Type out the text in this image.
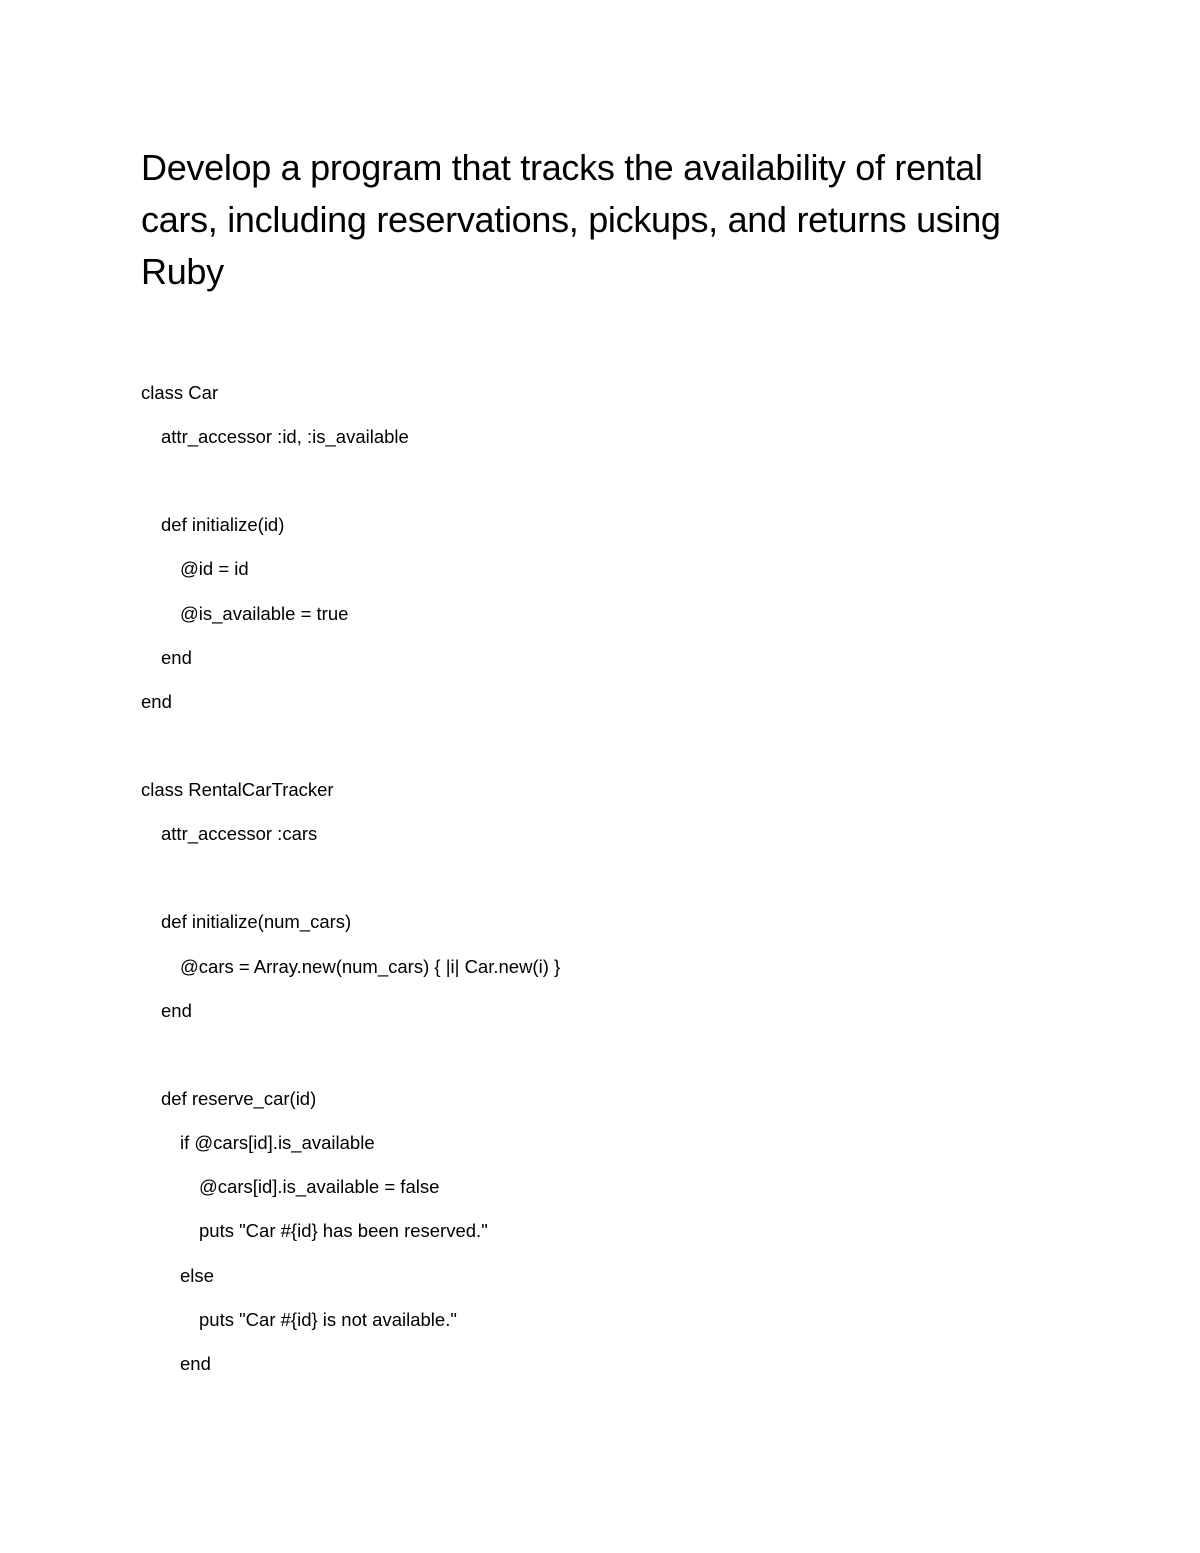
Develop a program that tracks the availability of rental cars, including reservations, pickups, and returns using Ruby

class Car

attr_accessor :id, :is_available

def initialize(id)

@id = id

@is_available = true

end

end

class RentalCarTracker

attr_accessor :cars

def initialize(num_cars)

@cars = Array.new(num_cars) { |i| Car.new(i) }

end

def reserve_car(id)

if @cars[id].is_available

@cars[id].is_available = false

puts "Car #{id} has been reserved."

else

puts "Car #{id} is not available."

end
